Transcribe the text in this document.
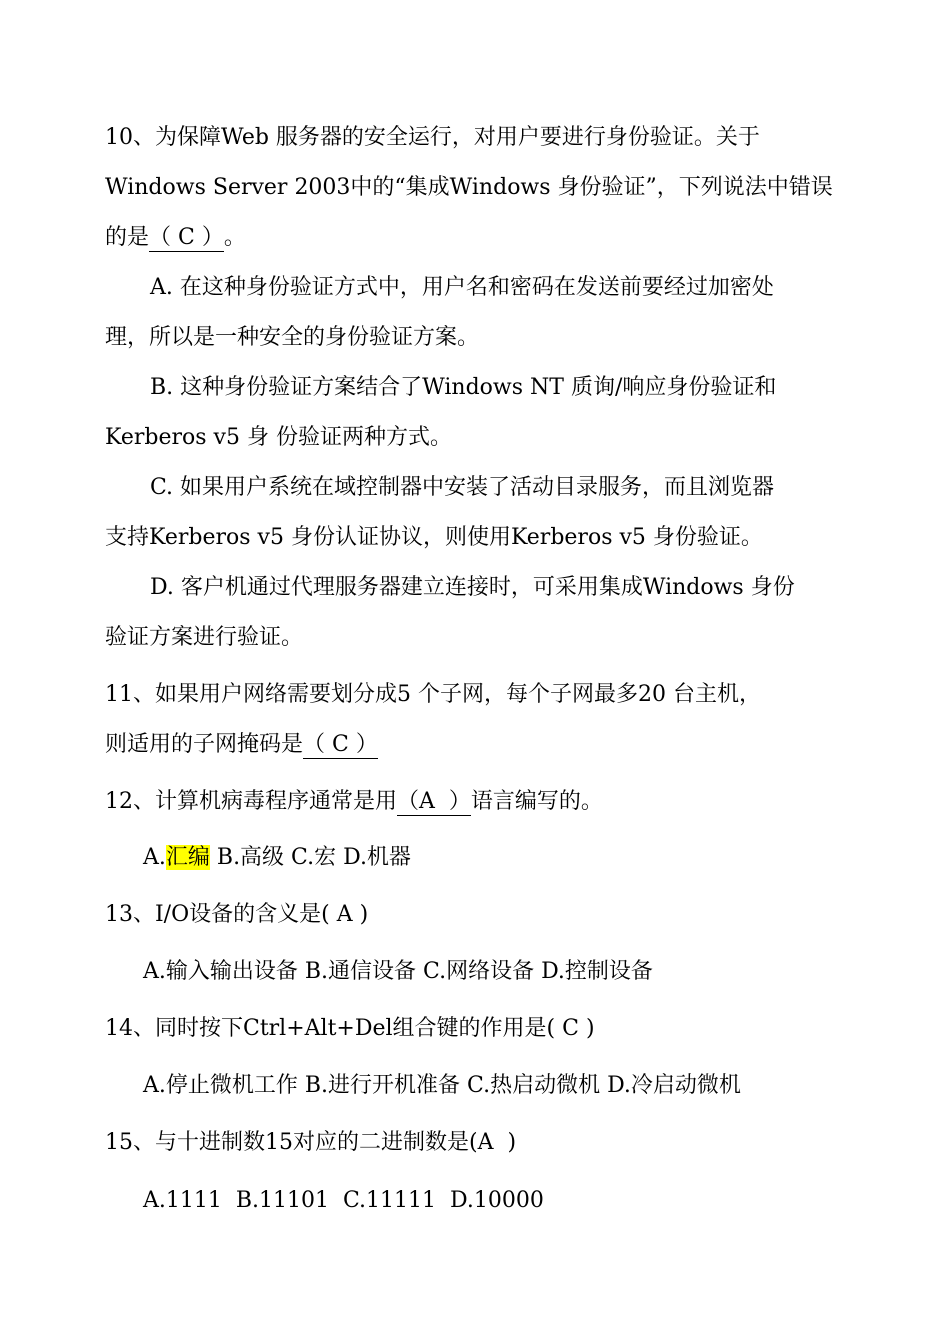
10、为保障Web 服务器的安全运行，对用户要进行身份验证。关于
Windows Server 2003中的“集成Windows 身份验证”，下列说法中错误
的是（ C ）。
A. 在这种身份验证方式中，用户名和密码在发送前要经过加密处
理，所以是一种安全的身份验证方案。
B. 这种身份验证方案结合了Windows NT 质询/响应身份验证和
Kerberos v5 身 份验证两种方式。
C. 如果用户系统在域控制器中安装了活动目录服务，而且浏览器
支持Kerberos v5 身份认证协议，则使用Kerberos v5 身份验证。
D. 客户机通过代理服务器建立连接时，可采用集成Windows 身份
验证方案进行验证。
11、如果用户网络需要划分成5 个子网，每个子网最多20 台主机，
则适用的子网掩码是（ C ）
12、计算机病毒程序通常是用（A  ）语言编写的。
A.汇编 B.高级 C.宏 D.机器
13、I/O设备的含义是( A )
A.输入输出设备 B.通信设备 C.网络设备 D.控制设备
14、同时按下Ctrl+Alt+Del组合键的作用是( C )
A.停止微机工作 B.进行开机准备 C.热启动微机 D.冷启动微机
15、与十进制数15对应的二进制数是(A  )
A.1111  B.11101  C.11111  D.10000
